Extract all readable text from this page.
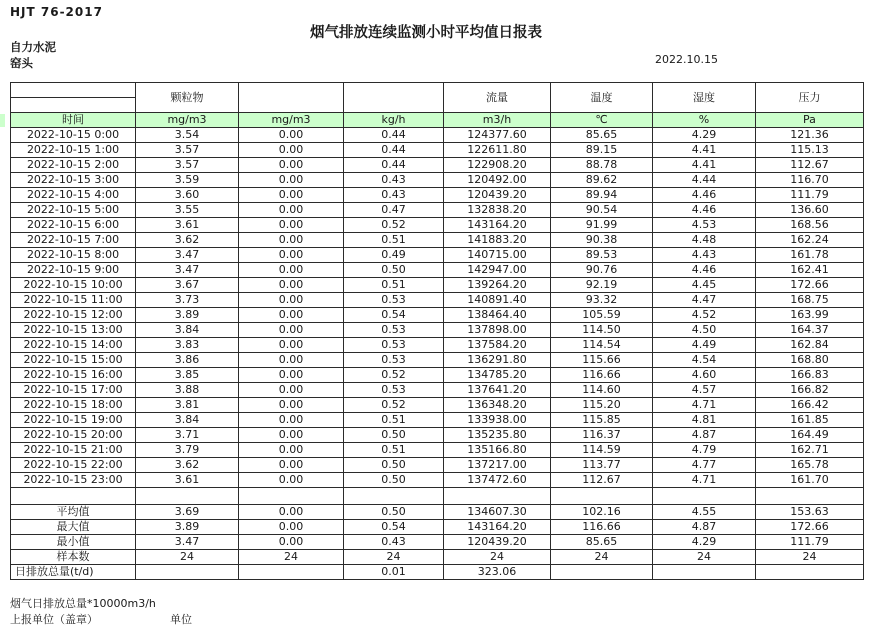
HJT 76-2017
烟气排放连续监测小时平均值日报表
自力水泥
窑头	2022.10.15
	颗粒物			流量	温度	湿度	压力

时间	mg/m3	mg/m3	kg/h	m3/h	℃	%	Pa
2022-10-15 0:00	3.54	0.00	0.44	124377.60	85.65	4.29	121.36
2022-10-15 1:00	3.57	0.00	0.44	122611.80	89.15	4.41	115.13
2022-10-15 2:00	3.57	0.00	0.44	122908.20	88.78	4.41	112.67
2022-10-15 3:00	3.59	0.00	0.43	120492.00	89.62	4.44	116.70
2022-10-15 4:00	3.60	0.00	0.43	120439.20	89.94	4.46	111.79
2022-10-15 5:00	3.55	0.00	0.47	132838.20	90.54	4.46	136.60
2022-10-15 6:00	3.61	0.00	0.52	143164.20	91.99	4.53	168.56
2022-10-15 7:00	3.62	0.00	0.51	141883.20	90.38	4.48	162.24
2022-10-15 8:00	3.47	0.00	0.49	140715.00	89.53	4.43	161.78
2022-10-15 9:00	3.47	0.00	0.50	142947.00	90.76	4.46	162.41
2022-10-15 10:00	3.67	0.00	0.51	139264.20	92.19	4.45	172.66
2022-10-15 11:00	3.73	0.00	0.53	140891.40	93.32	4.47	168.75
2022-10-15 12:00	3.89	0.00	0.54	138464.40	105.59	4.52	163.99
2022-10-15 13:00	3.84	0.00	0.53	137898.00	114.50	4.50	164.37
2022-10-15 14:00	3.83	0.00	0.53	137584.20	114.54	4.49	162.84
2022-10-15 15:00	3.86	0.00	0.53	136291.80	115.66	4.54	168.80
2022-10-15 16:00	3.85	0.00	0.52	134785.20	116.66	4.60	166.83
2022-10-15 17:00	3.88	0.00	0.53	137641.20	114.60	4.57	166.82
2022-10-15 18:00	3.81	0.00	0.52	136348.20	115.20	4.71	166.42
2022-10-15 19:00	3.84	0.00	0.51	133938.00	115.85	4.81	161.85
2022-10-15 20:00	3.71	0.00	0.50	135235.80	116.37	4.87	164.49
2022-10-15 21:00	3.79	0.00	0.51	135166.80	114.59	4.79	162.71
2022-10-15 22:00	3.62	0.00	0.50	137217.00	113.77	4.77	165.78
2022-10-15 23:00	3.61	0.00	0.50	137472.60	112.67	4.71	161.70

平均值	3.69	0.00	0.50	134607.30	102.16	4.55	153.63
最大值	3.89	0.00	0.54	143164.20	116.66	4.87	172.66
最小值	3.47	0.00	0.43	120439.20	85.65	4.29	111.79
样本数	24	24	24	24	24	24	24
日排放总量(t/d)			0.01	323.06			
烟气日排放总量*10000m3/h
上报单位（盖章）	单位
